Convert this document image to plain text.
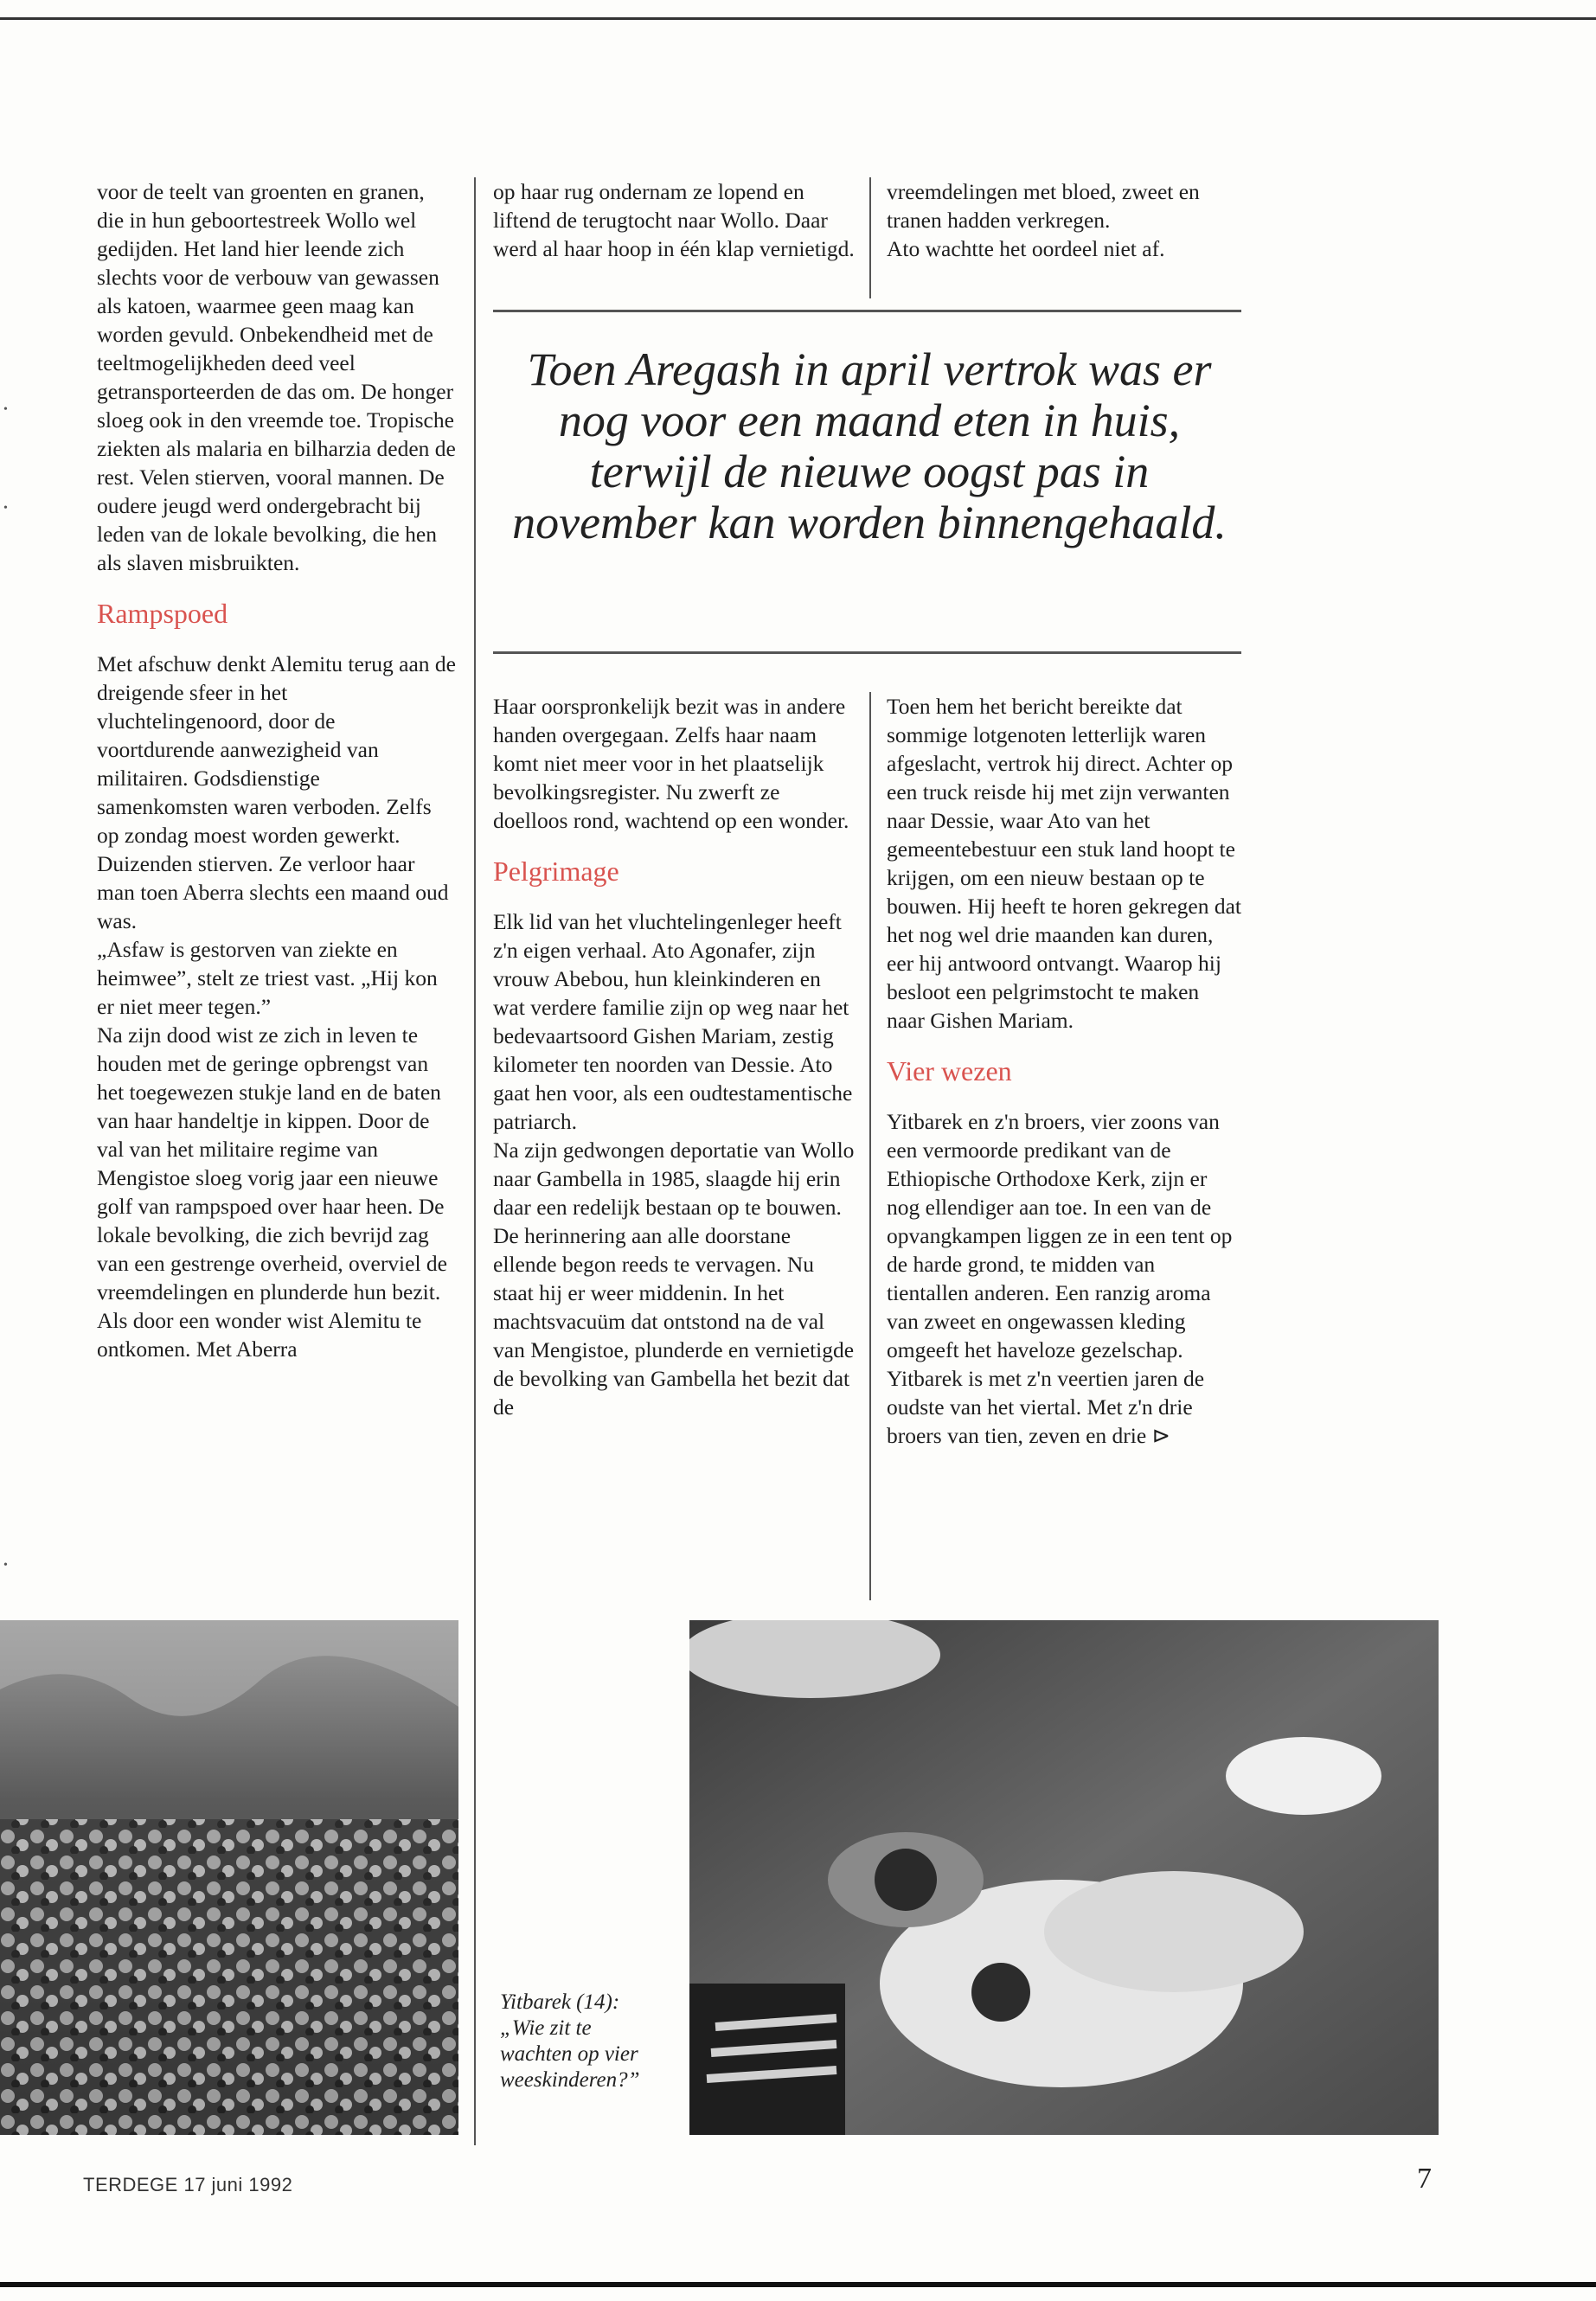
voor de teelt van groenten en granen, die in hun geboortestreek Wollo wel gedijden. Het land hier leende zich slechts voor de verbouw van gewassen als katoen, waarmee geen maag kan worden gevuld. Onbekendheid met de teeltmogelijkheden deed veel getransporteerden de das om. De honger sloeg ook in den vreemde toe. Tropische ziekten als malaria en bilharzia deden de rest. Velen stierven, vooral mannen. De oudere jeugd werd ondergebracht bij leden van de lokale bevolking, die hen als slaven misbruikten.

Rampspoed

Met afschuw denkt Alemitu terug aan de dreigende sfeer in het vluchtelingenoord, door de voortdurende aanwezigheid van militairen. Godsdienstige samenkomsten waren verboden. Zelfs op zondag moest worden gewerkt. Duizenden stierven. Ze verloor haar man toen Aberra slechts een maand oud was.

„Asfaw is gestorven van ziekte en heimwee”, stelt ze triest vast. „Hij kon er niet meer tegen.”

Na zijn dood wist ze zich in leven te houden met de geringe opbrengst van het toegewezen stukje land en de baten van haar handeltje in kippen. Door de val van het militaire regime van Mengistoe sloeg vorig jaar een nieuwe golf van rampspoed over haar heen. De lokale bevolking, die zich bevrijd zag van een gestrenge overheid, overviel de vreemdelingen en plunderde hun bezit.

Als door een wonder wist Alemitu te ontkomen. Met Aberra

op haar rug ondernam ze lopend en liftend de terugtocht naar Wollo. Daar werd al haar hoop in één klap vernietigd.

vreemdelingen met bloed, zweet en tranen hadden verkregen.

Ato wachtte het oordeel niet af.

Toen Aregash in april vertrok was er nog voor een maand eten in huis, terwijl de nieuwe oogst pas in november kan worden binnengehaald.

Haar oorspronkelijk bezit was in andere handen overgegaan. Zelfs haar naam komt niet meer voor in het plaatselijk bevolkingsregister. Nu zwerft ze doelloos rond, wachtend op een wonder.

Pelgrimage

Elk lid van het vluchtelingenleger heeft z'n eigen verhaal. Ato Agonafer, zijn vrouw Abebou, hun kleinkinderen en wat verdere familie zijn op weg naar het bedevaartsoord Gishen Mariam, zestig kilometer ten noorden van Dessie. Ato gaat hen voor, als een oudtestamentische patriarch.

Na zijn gedwongen deportatie van Wollo naar Gambella in 1985, slaagde hij erin daar een redelijk bestaan op te bouwen. De herinnering aan alle doorstane ellende begon reeds te vervagen. Nu staat hij er weer middenin. In het machtsvacuüm dat ontstond na de val van Mengistoe, plunderde en vernietigde de bevolking van Gambella het bezit dat de

Toen hem het bericht bereikte dat sommige lotgenoten letterlijk waren afgeslacht, vertrok hij direct. Achter op een truck reisde hij met zijn verwanten naar Dessie, waar Ato van het gemeentebestuur een stuk land hoopt te krijgen, om een nieuw bestaan op te bouwen. Hij heeft te horen gekregen dat het nog wel drie maanden kan duren, eer hij antwoord ontvangt. Waarop hij besloot een pelgrimstocht te maken naar Gishen Mariam.

Vier wezen

Yitbarek en z'n broers, vier zoons van een vermoorde predikant van de Ethiopische Orthodoxe Kerk, zijn er nog ellendiger aan toe. In een van de opvangkampen liggen ze in een tent op de harde grond, te midden van tientallen anderen. Een ranzig aroma van zweet en ongewassen kleding omgeeft het haveloze gezelschap. Yitbarek is met z'n veertien jaren de oudste van het viertal. Met z'n drie broers van tien, zeven en drie ⊳

Yitbarek (14): „Wie zit te wachten op vier weeskinderen?”
TERDEGE 17 juni 1992	7
•
•
•
